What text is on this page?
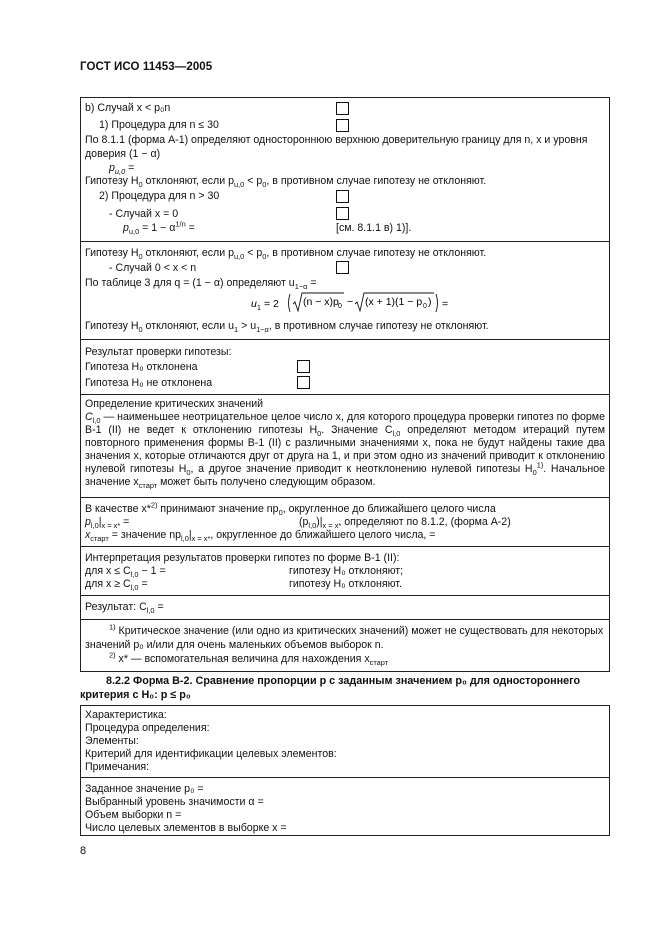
ГОСТ ИСО 11453—2005
b) Случай x < p₀n
1) Процедура для n ≤ 30
По 8.1.1 (форма А-1) определяют одностороннюю верхнюю доверительную границу для n, x и уровня
доверия (1 − α)
$p_{u,0}$ =
Гипотезу $H_0$ отклоняют, если $p_{u,0} < p_0$, в противном случае гипотезу не отклоняют.
2) Процедура для n > 30
- Случай x = 0
$p_{u,0} = 1 - \alpha^{1/n}$ =	[см. 8.1.1 в) 1)].
Гипотезу $H_0$ отклоняют, если $p_{u,0} < p_0$, в противном случае гипотезу не отклоняют.
- Случай 0 < x < n
По таблице 3 для q = (1 − α) определяют $u_{1-\alpha}$ =
u 1 = 2 (n − x)p 0 − (x + 1)(1 − p 0 ) =
Гипотезу $H_0$ отклоняют, если $u_1 > u_{1-\alpha}$, в противном случае гипотезу не отклоняют.
Результат проверки гипотезы:
Гипотеза H₀ отклонена
Гипотеза H₀ не отклонена
Определение критических значений
$C_{l,0}$ — наименьшее неотрицательное целое число x, для которого процедура проверки гипотез по форме В-1 (II) не ведет к отклонению гипотезы $H_0$. Значение $C_{l,0}$ определяют методом итераций путем повторного применения формы В-1 (II) с различными значениями x, пока не будут найдены такие два значения x, которые отличаются друг от друга на 1, и при этом одно из значений приводит к отклонению нулевой гипотезы $H_0$, а другое значение приводит к неотклонению нулевой гипотезы $H_0^{1)}$. Начальное значение $x_{старт}$ может быть получено следующим образом.
В качестве x*$^{2)}$ принимают значение $np_0$, округленное до ближайшего целого числа
$p_{l,0}|_{x = x*}$ =	$(p_{l,0})|_{x = x*}$ определяют по 8.1.2, (форма А-2)
$x_{старт}$ = значение $np_{l,0}|_{x = x*}$, округленное до ближайшего целого числа, =
Интерпретация результатов проверки гипотез по форме В-1 (II):
для $x \le C_{l,0} - 1$ =	гипотезу H₀ отклоняют;
для $x \ge C_{l,0}$ =	гипотезу H₀ отклоняют.
Результат: $C_{l,0}$ =
$^{1)}$ Критическое значение (или одно из критических значений) может не существовать для некоторых
значений p₀ и/или для очень маленьких объемов выборок n.
$^{2)}$ x* — вспомогательная величина для нахождения $x_{старт}$
8.2.2 Форма В-2. Сравнение пропорции p с заданным значением p₀ для одностороннего
критерия с H₀: p ≤ p₀
Характеристика:
Процедура определения:
Элементы:
Критерий для идентификации целевых элементов:
Примечания:
Заданное значение p₀ =
Выбранный уровень значимости α =
Объем выборки n =
Число целевых элементов в выборке x =
8
